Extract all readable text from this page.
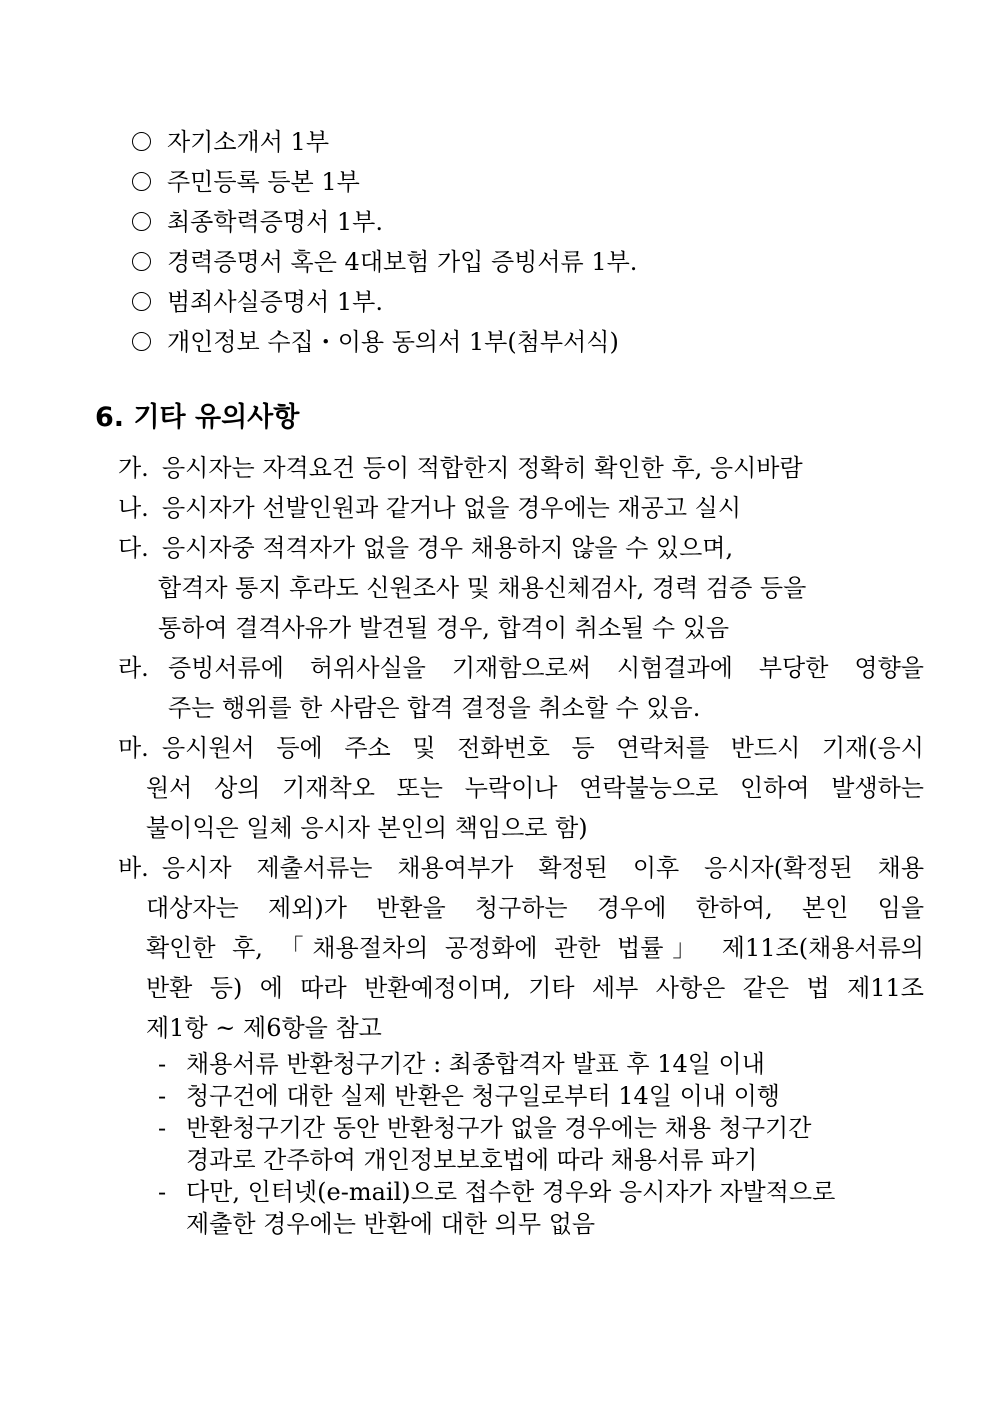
자기소개서 1부
주민등록 등본 1부
최종학력증명서 1부.
경력증명서 혹은 4대보험 가입 증빙서류 1부.
범죄사실증명서 1부.
개인정보 수집・이용 동의서 1부(첨부서식)
6. 기타 유의사항
가. 응시자는 자격요건 등이 적합한지 정확히 확인한 후, 응시바람
나. 응시자가 선발인원과 같거나 없을 경우에는 재공고 실시
다. 응시자중 적격자가 없을 경우 채용하지 않을 수 있으며,
합격자 통지 후라도 신원조사 및 채용신체검사, 경력 검증 등을
통하여 결격사유가 발견될 경우, 합격이 취소될 수 있음
라. 증빙서류에 허위사실을 기재함으로써 시험결과에 부당한 영향을
주는 행위를 한 사람은 합격 결정을 취소할 수 있음.
마. 응시원서 등에 주소 및 전화번호 등 연락처를 반드시 기재(응시
원서 상의 기재착오 또는 누락이나 연락불능으로 인하여 발생하는
불이익은 일체 응시자 본인의 책임으로 함)
바. 응시자 제출서류는 채용여부가 확정된 이후 응시자(확정된 채용
대상자는 제외)가 반환을 청구하는 경우에 한하여, 본인 임을
확인한 후, 「채용절차의 공정화에 관한 법률」 제11조(채용서류의
반환 등) 에 따라 반환예정이며, 기타 세부 사항은 같은 법 제11조
제1항 ~ 제6항을 참고
- 채용서류 반환청구기간 : 최종합격자 발표 후 14일 이내
- 청구건에 대한 실제 반환은 청구일로부터 14일 이내 이행
- 반환청구기간 동안 반환청구가 없을 경우에는 채용 청구기간
경과로 간주하여 개인정보보호법에 따라 채용서류 파기
- 다만, 인터넷(e-mail)으로 접수한 경우와 응시자가 자발적으로
제출한 경우에는 반환에 대한 의무 없음
